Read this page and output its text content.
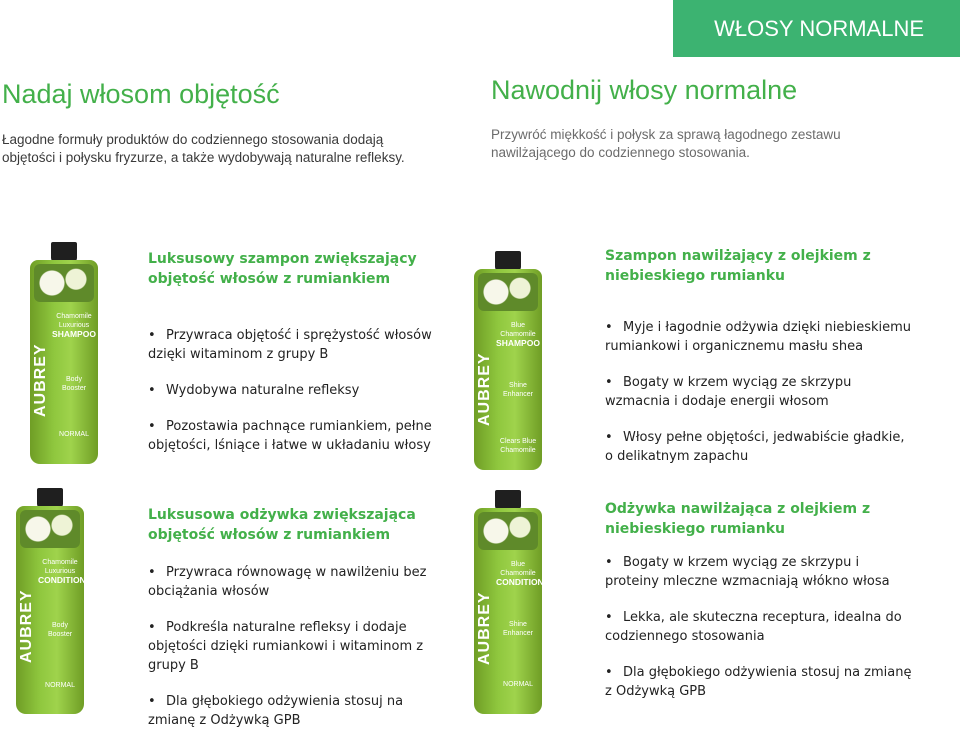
WŁOSY NORMALNE
Nadaj włosom objętość

Łagodne formuły produktów do codziennego stosowania dodają objętości i połysku fryzurze, a także wydobywają naturalne refleksy.

Nawodnij włosy normalne

Przywróć miękkość i połysk za sprawą łagodnego zestawu nawilżającego do codziennego stosowania.

AUBREY
Chamomile Luxurious
SHAMPOO
Body Booster
NORMAL
Luksusowy szampon zwiększający objętość włosów z rumiankiem
• Przywraca objętość i sprężystość włosów dzięki witaminom z grupy B
• Wydobywa naturalne refleksy
• Pozostawia pachnące rumiankiem, pełne objętości, lśniące i łatwe w układaniu włosy
AUBREY
Blue Chamomile
SHAMPOO
Shine Enhancer
Clears Blue Chamomile
Szampon nawilżający z olejkiem z niebieskiego rumianku
• Myje i łagodnie odżywia dzięki niebieskiemu rumiankowi i organicznemu masłu shea
• Bogaty w krzem wyciąg ze skrzypu wzmacnia i dodaje energii włosom
• Włosy pełne objętości, jedwabiście gładkie, o delikatnym zapachu
AUBREY
Chamomile Luxurious
CONDITIONER
Body Booster
NORMAL
Luksusowa odżywka zwiększająca objętość włosów z rumiankiem
• Przywraca równowagę w nawilżeniu bez obciążania włosów
• Podkreśla naturalne refleksy i dodaje objętości dzięki rumiankowi i witaminom z grupy B
• Dla głębokiego odżywienia stosuj na zmianę z Odżywką GPB
AUBREY
Blue Chamomile
CONDITIONER
Shine Enhancer
NORMAL
Odżywka nawilżająca z olejkiem z niebieskiego rumianku
• Bogaty w krzem wyciąg ze skrzypu i proteiny mleczne wzmacniają włókno włosa
• Lekka, ale skuteczna receptura, idealna do codziennego stosowania
• Dla głębokiego odżywienia stosuj na zmianę z Odżywką GPB
